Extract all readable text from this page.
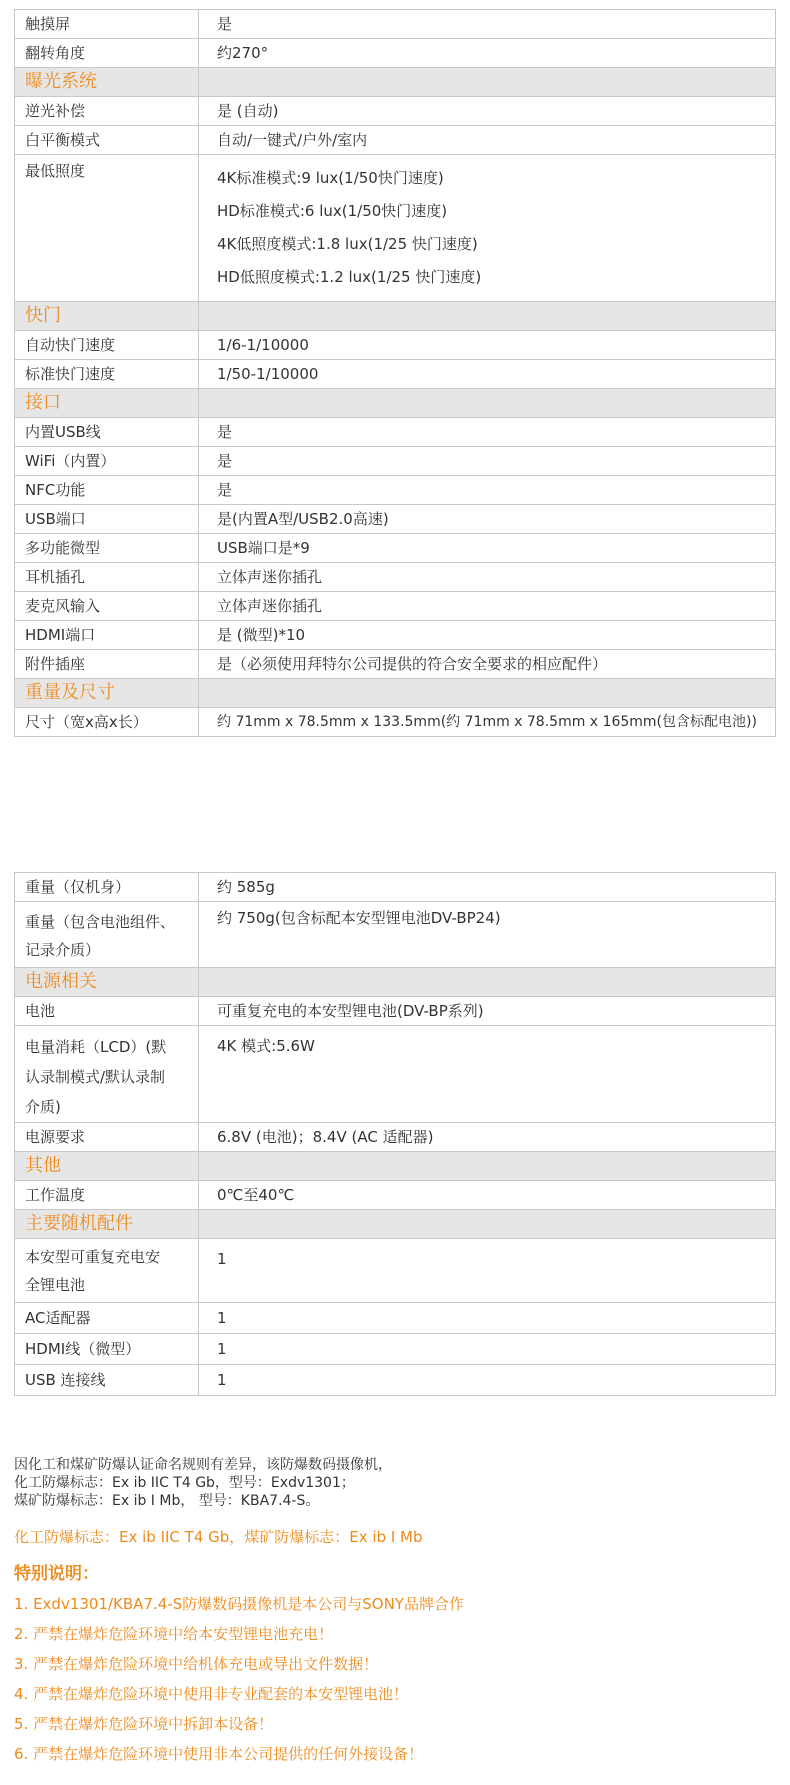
触摸屏	是
翻转角度	约270°
曝光系统	
逆光补偿	是 (自动)
白平衡模式	自动/一键式/户外/室内
最低照度	4K标准模式:9 lux(1/50快门速度)
HD标准模式:6 lux(1/50快门速度)
4K低照度模式:1.8 lux(1/25 快门速度)
HD低照度模式:1.2 lux(1/25 快门速度)

快门	
自动快门速度	1/6-1/10000
标准快门速度	1/50-1/10000
接口	
内置USB线	是
WiFi（内置）	是
NFC功能	是
USB端口	是(内置A型/USB2.0高速)
多功能微型	USB端口是*9
耳机插孔	立体声迷你插孔
麦克风输入	立体声迷你插孔
HDMI端口	是 (微型)*10
附件插座	是（必须使用拜特尔公司提供的符合安全要求的相应配件）
重量及尺寸	
尺寸（宽x高x长）	约 71mm x 78.5mm x 133.5mm(约 71mm x 78.5mm x 165mm(包含标配电池))
重量（仅机身）	约 585g

重量（包含电池组件、
记录介质）	约 750g(包含标配本安型锂电池DV-BP24)
电源相关	
电池	可重复充电的本安型锂电池(DV-BP系列)

电量消耗（LCD）(默
认录制模式/默认录制
介质)	4K 模式:5.6W
电源要求	6.8V (电池)；8.4V (AC 适配器)
其他	
工作温度	0℃至40℃
主要随机配件	

本安型可重复充电安
全锂电池	1
AC适配器	1
HDMI线（微型）	1
USB 连接线	1
因化工和煤矿防爆认证命名规则有差异，该防爆数码摄像机，
化工防爆标志：Ex ib IIC T4 Gb，型号：Exdv1301；
煤矿防爆标志：Ex ib I Mb， 型号：KBA7.4-S。
化工防爆标志：Ex ib IIC T4 Gb，煤矿防爆标志：Ex ib I Mb
特别说明：
1. Exdv1301/KBA7.4-S防爆数码摄像机是本公司与SONY品牌合作
2. 严禁在爆炸危险环境中给本安型锂电池充电！
3. 严禁在爆炸危险环境中给机体充电或导出文件数据！
4. 严禁在爆炸危险环境中使用非专业配套的本安型锂电池！
5. 严禁在爆炸危险环境中拆卸本设备！
6. 严禁在爆炸危险环境中使用非本公司提供的任何外接设备！
